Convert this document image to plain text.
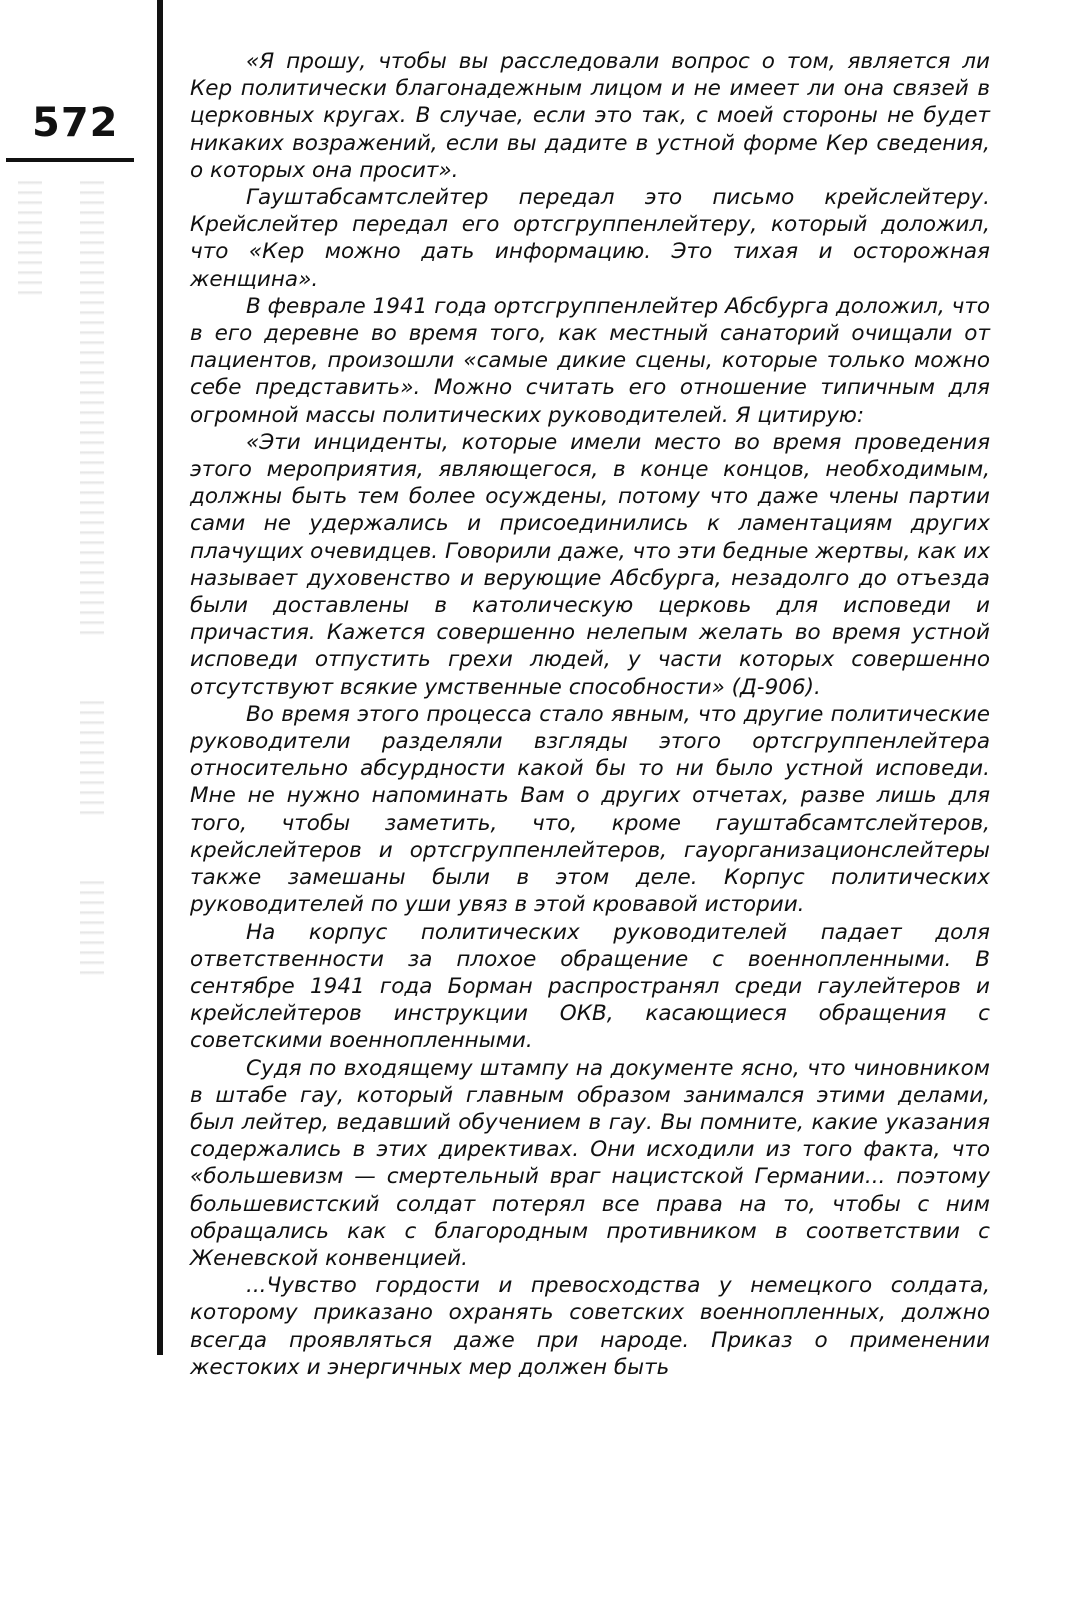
572

«Я прошу, чтобы вы расследовали вопрос о том, является ли Кер политически благонадежным лицом и не имеет ли она связей в церковных кругах. В случае, если это так, с моей стороны не будет никаких возражений, если вы дадите в устной форме Кер сведения, о которых она просит».

Гауштабсамтслейтер передал это письмо крейслейтеру. Крейслейтер передал его ортсгруппенлейтеру, который доложил, что «Кер можно дать информацию. Это тихая и осторожная женщина».

В феврале 1941 года ортсгруппенлейтер Абсбурга доложил, что в его деревне во время того, как местный санаторий очищали от пациентов, произошли «самые дикие сцены, которые только можно себе представить». Можно считать его отношение типичным для огромной массы политических руководителей. Я цитирую:

«Эти инциденты, которые имели место во время проведения этого мероприятия, являющегося, в конце концов, необходимым, должны быть тем более осуждены, потому что даже члены партии сами не удержались и присоединились к ламентациям других плачущих очевидцев. Говорили даже, что эти бедные жертвы, как их называет духовенство и верующие Абсбурга, незадолго до отъезда были доставлены в католическую церковь для исповеди и причастия. Кажется совершенно нелепым желать во время устной исповеди отпустить грехи людей, у части которых совершенно отсутствуют всякие умственные способности» (Д-906).

Во время этого процесса стало явным, что другие политические руководители разделяли взгляды этого ортсгруппенлейтера относительно абсурдности какой бы то ни было устной исповеди. Мне не нужно напоминать Вам о других отчетах, разве лишь для того, чтобы заметить, что, кроме гауштабсамтслейтеров, крейслейтеров и ортсгруппенлейтеров, гауорганизационслейтеры также замешаны были в этом деле. Корпус политических руководителей по уши увяз в этой кровавой истории.

На корпус политических руководителей падает доля ответственности за плохое обращение с военнопленными. В сентябре 1941 года Борман распространял среди гаулейтеров и крейслейтеров инструкции ОКВ, касающиеся обращения с советскими военнопленными.

Судя по входящему штампу на документе ясно, что чиновником в штабе гау, который главным образом занимался этими делами, был лейтер, ведавший обучением в гау. Вы помните, какие указания содержались в этих директивах. Они исходили из того факта, что «большевизм — смертельный враг нацистской Германии... поэтому большевистский солдат потерял все права на то, чтобы с ним обращались как с благородным противником в соответствии с Женевской конвенцией.

...Чувство гордости и превосходства у немецкого солдата, которому приказано охранять советских военнопленных, должно всегда проявляться даже при народе. Приказ о применении жестоких и энергичных мер должен быть
